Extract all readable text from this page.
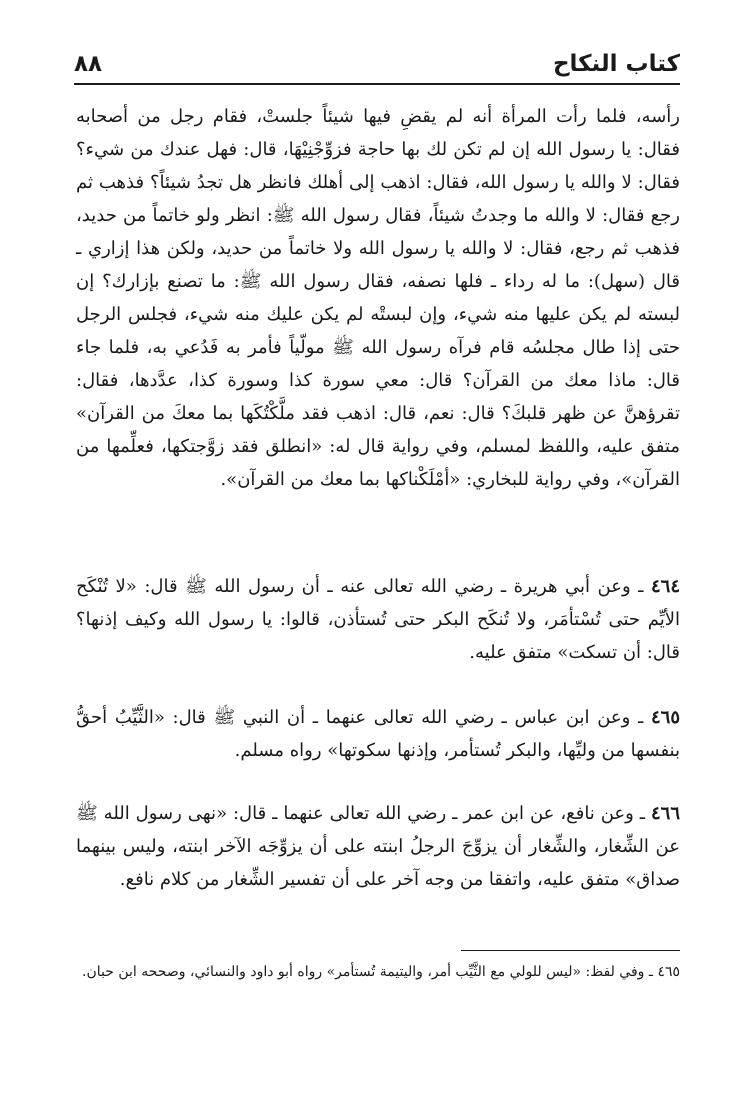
كتاب النكاح
٨٨

رأسه، فلما رأت المرأة أنه لم يقضِ فيها شيئاً جلستْ، فقام رجل من أصحابه فقال: يا رسول الله إن لم تكن لك بها حاجة فزوِّجْنِيْهَا، قال: فهل عندك من شيء؟ فقال: لا والله يا رسول الله، فقال: اذهب إلى أهلك فانظر هل تجدُ شيئاً؟ فذهب ثم رجع فقال: لا والله ما وجدتُ شيئاً، فقال رسول الله ﷺ: انظر ولو خاتماً من حديد، فذهب ثم رجع، فقال: لا والله يا رسول الله ولا خاتماً من حديد، ولكن هذا إزاري ـ قال (سهل): ما له رداء ـ فلها نصفه، فقال رسول الله ﷺ: ما تصنع بإزارك؟ إن لبسته لم يكن عليها منه شيء، وإن لبستْه لم يكن عليك منه شيء، فجلس الرجل حتى إذا طال مجلسُه قام فرآه رسول الله ﷺ مولّياً فأمر به فَدُعي به، فلما جاء قال: ماذا معك من القرآن؟ قال: معي سورة كذا وسورة كذا، عدَّدها، فقال: تقرؤهنَّ عن ظهر قلبكَ؟ قال: نعم، قال: اذهب فقد ملَّكْتُكَها بما معكَ من القرآن» متفق عليه، واللفظ لمسلم، وفي رواية قال له: «انطلق فقد زوَّجتكها، فعلِّمها من القرآن»، وفي رواية للبخاري: «أمْلَكْناكها بما معك من القرآن».

٤٦٤ ـ وعن أبي هريرة ـ رضي الله تعالى عنه ـ أن رسول الله ﷺ قال: «لا تُنْكَح الأيِّم حتى تُسْتأمَر، ولا تُنكَح البكر حتى تُستأذن، قالوا: يا رسول الله وكيف إذنها؟ قال: أن تسكت» متفق عليه.

٤٦٥ ـ وعن ابن عباس ـ رضي الله تعالى عنهما ـ أن النبي ﷺ قال: «الثَّيِّبُ أحقُّ بنفسها من وليِّها، والبكر تُستأمر، وإذنها سكوتها» رواه مسلم.

٤٦٦ ـ وعن نافع، عن ابن عمر ـ رضي الله تعالى عنهما ـ قال: «نهى رسول الله ﷺ عن الشِّغار، والشِّغار أن يزوِّجَ الرجلُ ابنته على أن يزوِّجَه الآخر ابنته، وليس بينهما صداق» متفق عليه، واتفقا من وجه آخر على أن تفسير الشِّغار من كلام نافع.

٤٦٥ ـ وفي لفظ: «ليس للولي مع الثَّيِّب أمر، واليتيمة تُستأمر» رواه أبو داود والنسائي، وصححه ابن حبان.
